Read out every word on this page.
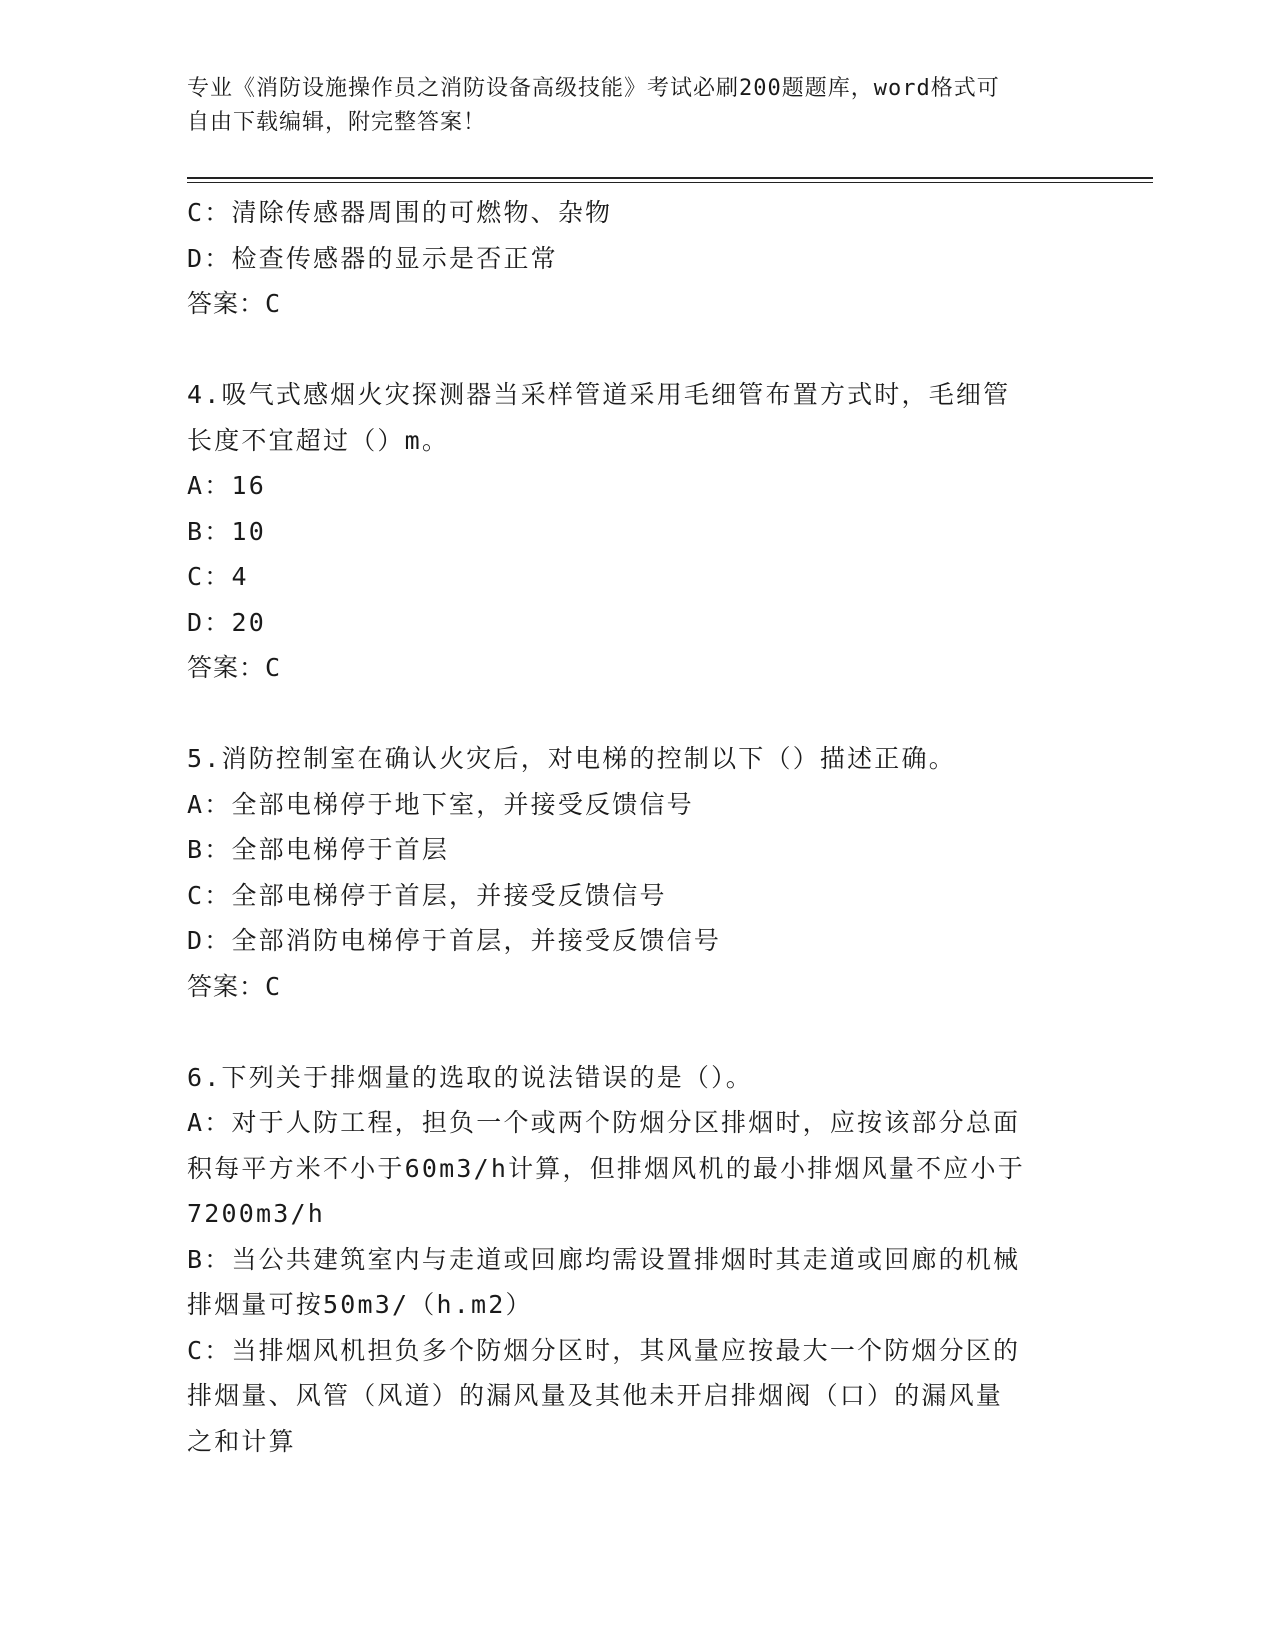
专业《消防设施操作员之消防设备高级技能》考试必刷200题题库，word格式可
自由下载编辑，附完整答案！
C：清除传感器周围的可燃物、杂物
D：检查传感器的显示是否正常
答案：C
4.吸气式感烟火灾探测器当采样管道采用毛细管布置方式时，毛细管
长度不宜超过（）m。
A：16
B：10
C：4
D：20
答案：C
5.消防控制室在确认火灾后，对电梯的控制以下（）描述正确。
A：全部电梯停于地下室，并接受反馈信号
B：全部电梯停于首层
C：全部电梯停于首层，并接受反馈信号
D：全部消防电梯停于首层，并接受反馈信号
答案：C
6.下列关于排烟量的选取的说法错误的是（）。
A：对于人防工程，担负一个或两个防烟分区排烟时，应按该部分总面
积每平方米不小于60m3/h计算，但排烟风机的最小排烟风量不应小于
7200m3/h
B：当公共建筑室内与走道或回廊均需设置排烟时其走道或回廊的机械
排烟量可按50m3/（h.m2）
C：当排烟风机担负多个防烟分区时，其风量应按最大一个防烟分区的
排烟量、风管（风道）的漏风量及其他未开启排烟阀（口）的漏风量
之和计算
